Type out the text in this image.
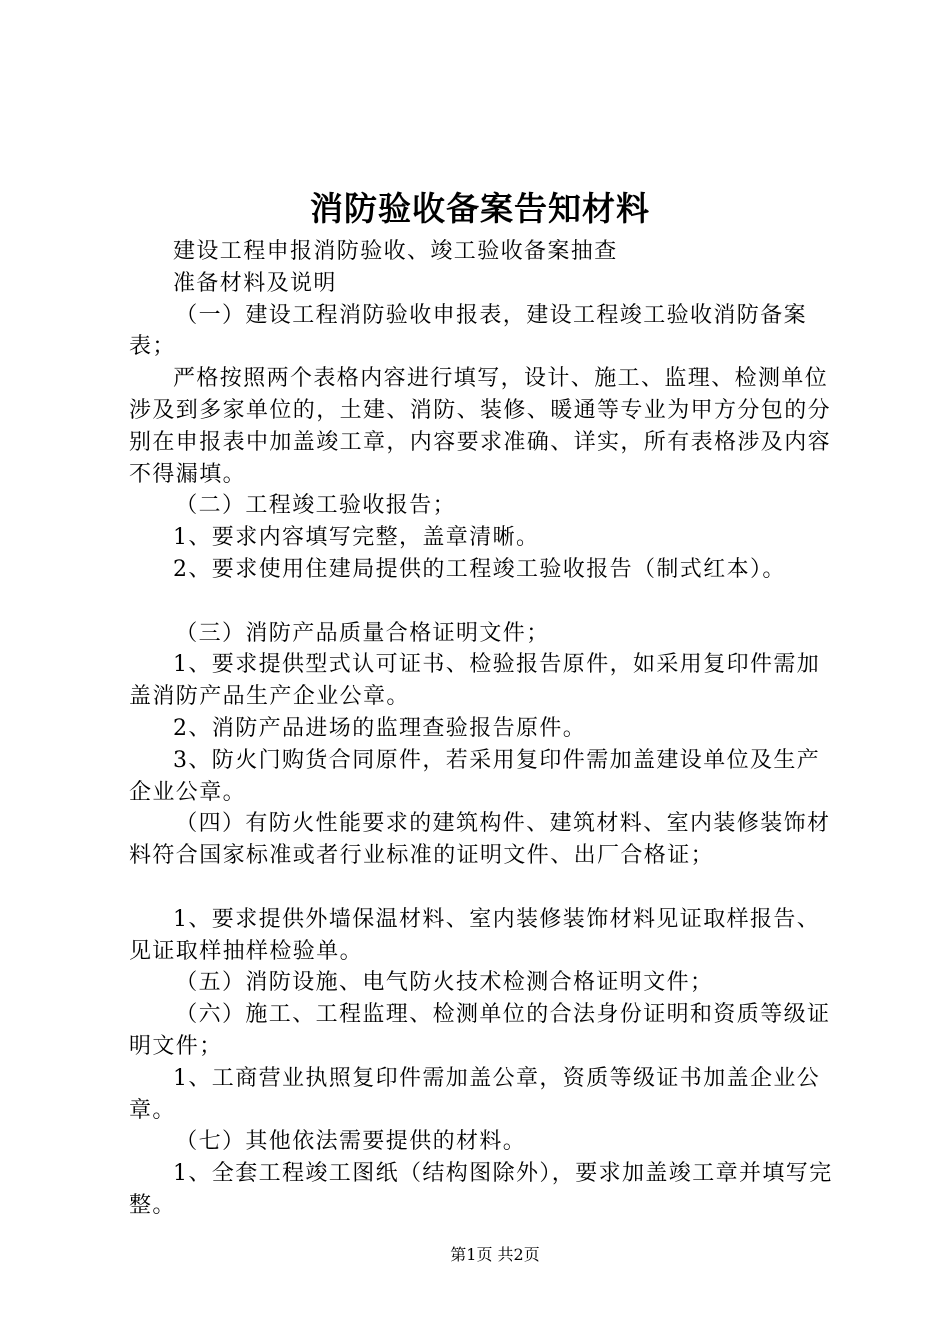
消防验收备案告知材料

建设工程申报消防验收、竣工验收备案抽查

准备材料及说明

（一）建设工程消防验收申报表，建设工程竣工验收消防备案表；

严格按照两个表格内容进行填写，设计、施工、监理、检测单位涉及到多家单位的，土建、消防、装修、暖通等专业为甲方分包的分别在申报表中加盖竣工章，内容要求准确、详实，所有表格涉及内容不得漏填。

（二）工程竣工验收报告；

1、要求内容填写完整，盖章清晰。

2、要求使用住建局提供的工程竣工验收报告（制式红本）。

（三）消防产品质量合格证明文件；

1、要求提供型式认可证书、检验报告原件，如采用复印件需加盖消防产品生产企业公章。

2、消防产品进场的监理查验报告原件。

3、防火门购货合同原件，若采用复印件需加盖建设单位及生产企业公章。

（四）有防火性能要求的建筑构件、建筑材料、室内装修装饰材料符合国家标准或者行业标准的证明文件、出厂合格证；

1、要求提供外墙保温材料、室内装修装饰材料见证取样报告、见证取样抽样检验单。

（五）消防设施、电气防火技术检测合格证明文件；

（六）施工、工程监理、检测单位的合法身份证明和资质等级证明文件；

1、工商营业执照复印件需加盖公章，资质等级证书加盖企业公章。

（七）其他依法需要提供的材料。

1、全套工程竣工图纸（结构图除外），要求加盖竣工章并填写完整。

第1页 共2页
